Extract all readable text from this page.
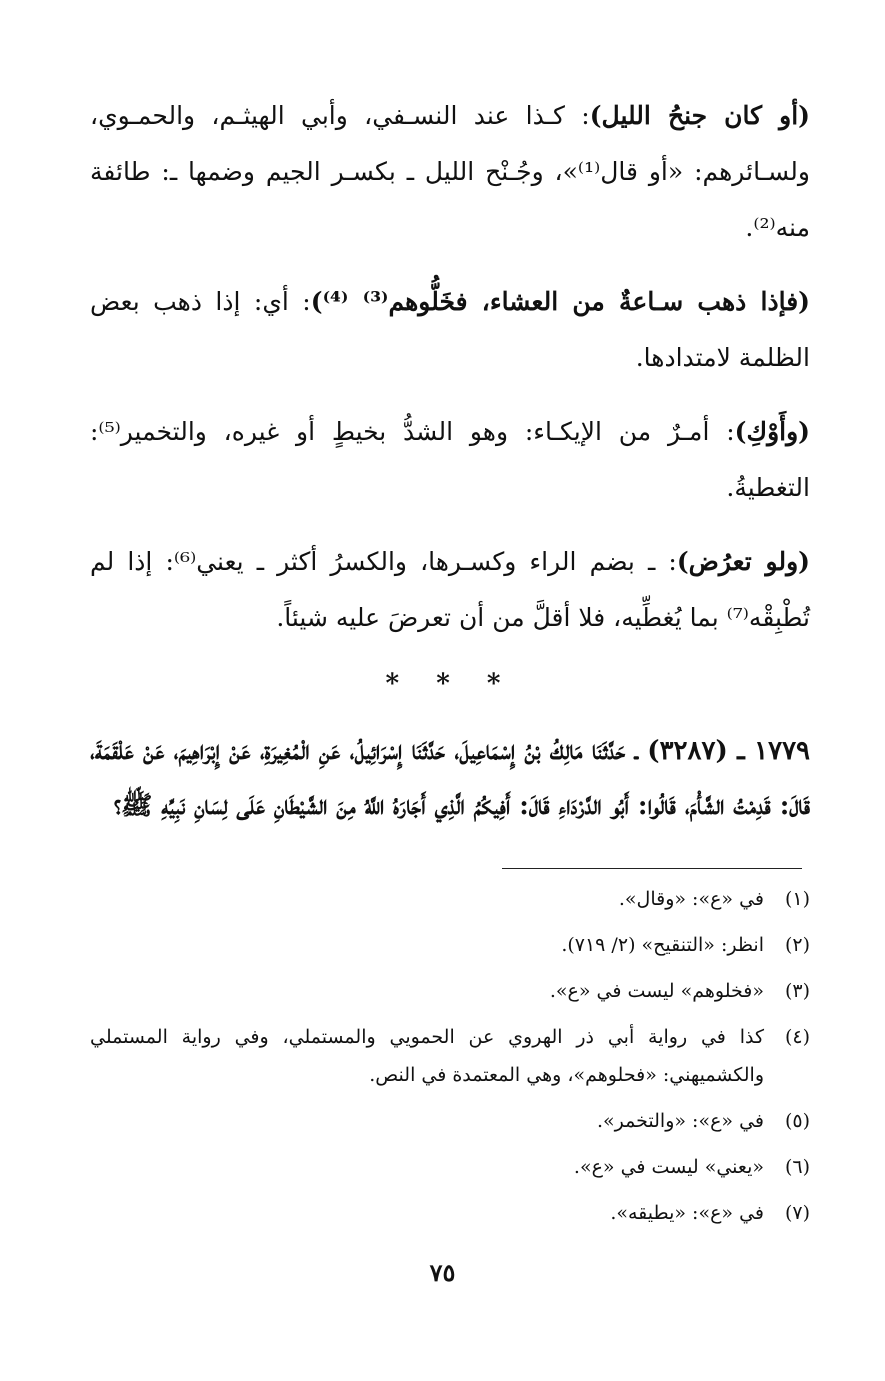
(أو كان جنحُ الليل): كـذا عند النسـفي، وأبي الهيثـم، والحمـوي، ولسـائرهم: «أو قال⁽¹⁾»، وجُـنْح الليل ـ بكسـر الجيم وضمها ـ: طائفة منه⁽²⁾.

(فإذا ذهب سـاعةٌ من العشاء، فخَلُّوهم⁽³⁾ ⁽⁴⁾): أي: إذا ذهب بعض الظلمة لامتدادها.

(وأَوْكِ): أمـرٌ من الإيكـاء: وهو الشدُّ بخيطٍ أو غيره، والتخمير⁽⁵⁾: التغطيةُ.

(ولو تعرُض): ـ بضم الراء وكسـرها، والكسرُ أكثر ـ يعني⁽⁶⁾: إذا لم تُطْبِقْه⁽⁷⁾ بما يُغطِّيه، فلا أقلَّ من أن تعرضَ عليه شيئاً.

* * *

١٧٧٩ ـ (٣٢٨٧) ـ حَدَّثَنَا مَالِكُ بْنُ إِسْمَاعِيلَ، حَدَّثَنَا إِسْرَائِيلُ، عَنِ الْمُغِيرَةِ، عَنْ إِبْرَاهِيمَ، عَنْ عَلْقَمَةَ، قَالَ: قَدِمْتُ الشَّأْمَ، قَالُوا: أَبُو الدَّرْدَاءِ قَالَ: أَفِيكُمُ الَّذِي أَجَارَهُ اللَّهُ مِنَ الشَّيْطَانِ عَلَى لِسَانِ نَبِيِّهِ ﷺ؟

(١)
في «ع»: «وقال».
(٢)
انظر: «التنقيح» (٢/ ٧١٩).
(٣)
«فخلوهم» ليست في «ع».
(٤)
كذا في رواية أبي ذر الهروي عن الحمويي والمستملي، وفي رواية المستملي والكشميهني: «فحلوهم»، وهي المعتمدة في النص.
(٥)
في «ع»: «والتخمر».
(٦)
«يعني» ليست في «ع».
(٧)
في «ع»: «يطيقه».
٧٥
